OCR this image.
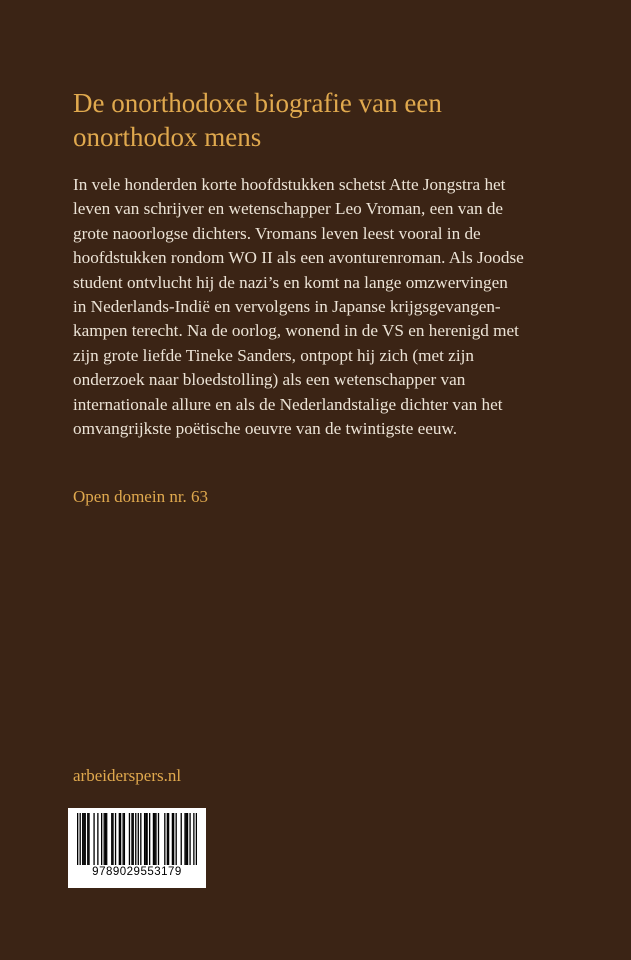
De onorthodoxe biografie van een
onorthodox mens
In vele honderden korte hoofdstukken schetst Atte Jongstra het
leven van schrijver en wetenschapper Leo Vroman, een van de
grote naoorlogse dichters. Vromans leven leest vooral in de
hoofdstukken rondom WO II als een avonturenroman. Als Joodse
student ontvlucht hij de nazi’s en komt na lange omzwervingen
in Nederlands-Indië en vervolgens in Japanse krijgsgevangen-
kampen terecht. Na de oorlog, wonend in de VS en herenigd met
zijn grote liefde Tineke Sanders, ontpopt hij zich (met zijn
onderzoek naar bloedstolling) als een wetenschapper van
internationale allure en als de Nederlandstalige dichter van het
omvangrijkste poëtische oeuvre van de twintigste eeuw.
Open domein nr. 63
arbeiderspers.nl
9789029553179
